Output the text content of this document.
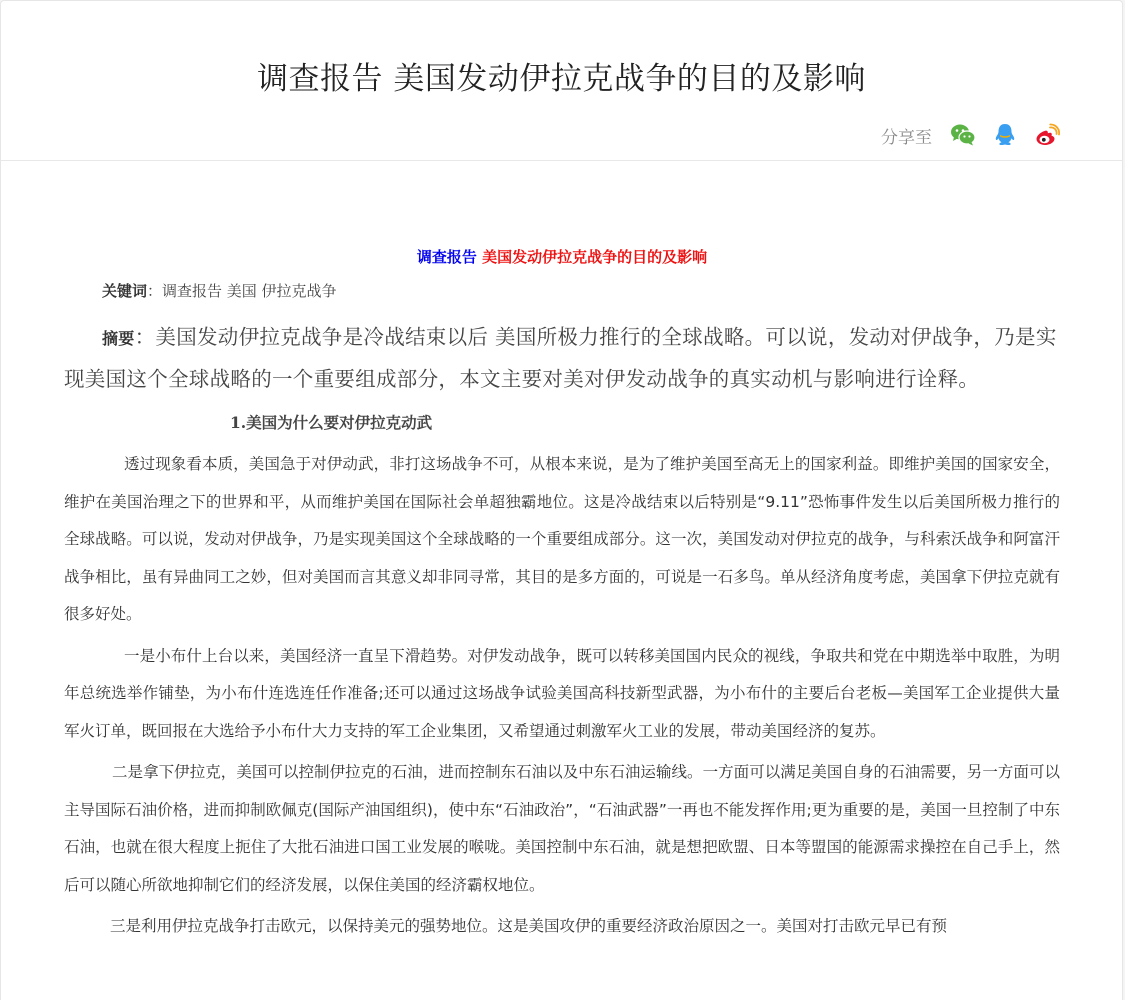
调查报告 美国发动伊拉克战争的目的及影响
分享至
调查报告 美国发动伊拉克战争的目的及影响
关键词：调查报告 美国 伊拉克战争
摘要：美国发动伊拉克战争是冷战结束以后 美国所极力推行的全球战略。可以说，发动对伊战争，乃是实现美国这个全球战略的一个重要组成部分，本文主要对美对伊发动战争的真实动机与影响进行诠释。
1.美国为什么要对伊拉克动武

透过现象看本质，美国急于对伊动武，非打这场战争不可，从根本来说，是为了维护美国至高无上的国家利益。即维护美国的国家安全，维护在美国治理之下的世界和平，从而维护美国在国际社会单超独霸地位。这是冷战结束以后特别是“9.11”恐怖事件发生以后美国所极力推行的全球战略。可以说，发动对伊战争，乃是实现美国这个全球战略的一个重要组成部分。这一次，美国发动对伊拉克的战争，与科索沃战争和阿富汗战争相比，虽有异曲同工之妙，但对美国而言其意义却非同寻常，其目的是多方面的，可说是一石多鸟。单从经济角度考虑，美国拿下伊拉克就有很多好处。

一是小布什上台以来，美国经济一直呈下滑趋势。对伊发动战争，既可以转移美国国内民众的视线，争取共和党在中期选举中取胜，为明年总统选举作铺垫，为小布什连选连任作准备;还可以通过这场战争试验美国高科技新型武器，为小布什的主要后台老板—美国军工企业提供大量军火订单，既回报在大选给予小布什大力支持的军工企业集团，又希望通过刺激军火工业的发展，带动美国经济的复苏。

二是拿下伊拉克，美国可以控制伊拉克的石油，进而控制东石油以及中东石油运输线。一方面可以满足美国自身的石油需要，另一方面可以主导国际石油价格，进而抑制欧佩克(国际产油国组织)，使中东“石油政治”，“石油武器”一再也不能发挥作用;更为重要的是，美国一旦控制了中东石油，也就在很大程度上扼住了大批石油进口国工业发展的喉咙。美国控制中东石油，就是想把欧盟、日本等盟国的能源需求操控在自己手上，然后可以随心所欲地抑制它们的经济发展，以保住美国的经济霸权地位。

三是利用伊拉克战争打击欧元，以保持美元的强势地位。这是美国攻伊的重要经济政治原因之一。美国对打击欧元早已有预
